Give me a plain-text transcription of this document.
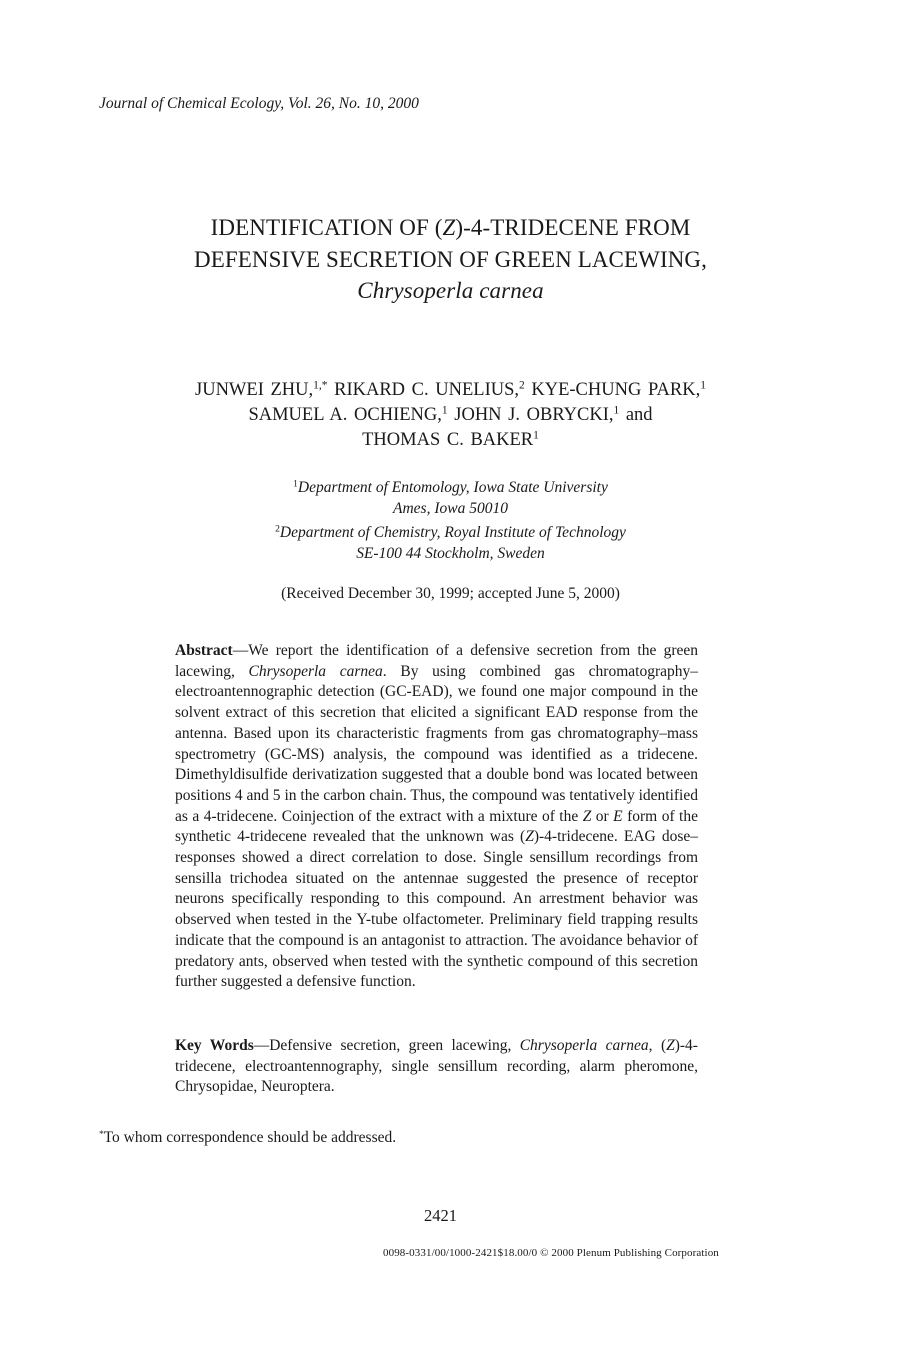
Journal of Chemical Ecology, Vol. 26, No. 10, 2000
IDENTIFICATION OF (Z)-4-TRIDECENE FROM
DEFENSIVE SECRETION OF GREEN LACEWING,
Chrysoperla carnea
JUNWEI ZHU,$^{1,*}$ RIKARD C. UNELIUS,$^2$ KYE-CHUNG PARK,$^1$
SAMUEL A. OCHIENG,$^1$ JOHN J. OBRYCKI,$^1$ and
THOMAS C. BAKER$^1$
$^1$Department of Entomology, Iowa State University
Ames, Iowa 50010
$^2$Department of Chemistry, Royal Institute of Technology
SE-100 44 Stockholm, Sweden
(Received December 30, 1999; accepted June 5, 2000)

Abstract—We report the identification of a defensive secretion from the green lacewing, Chrysoperla carnea. By using combined gas chromatography–electroantennographic detection (GC-EAD), we found one major compound in the solvent extract of this secretion that elicited a significant EAD response from the antenna. Based upon its characteristic fragments from gas chromatography–mass spectrometry (GC-MS) analysis, the compound was identified as a tridecene. Dimethyldisulfide derivatization suggested that a double bond was located between positions 4 and 5 in the carbon chain. Thus, the compound was tentatively identified as a 4-tridecene. Coinjection of the extract with a mixture of the Z or E form of the synthetic 4-tridecene revealed that the unknown was (Z)-4-tridecene. EAG dose–responses showed a direct correlation to dose. Single sensillum recordings from sensilla trichodea situated on the antennae suggested the presence of receptor neurons specifically responding to this compound. An arrestment behavior was observed when tested in the Y-tube olfactometer. Preliminary field trapping results indicate that the compound is an antagonist to attraction. The avoidance behavior of predatory ants, observed when tested with the synthetic compound of this secretion further suggested a defensive function.

Key Words—Defensive secretion, green lacewing, Chrysoperla carnea, (Z)-4-tridecene, electroantennography, single sensillum recording, alarm pheromone, Chrysopidae, Neuroptera.

*To whom correspondence should be addressed.
2421
0098-0331/00/1000-2421$18.00/0 © 2000 Plenum Publishing Corporation
